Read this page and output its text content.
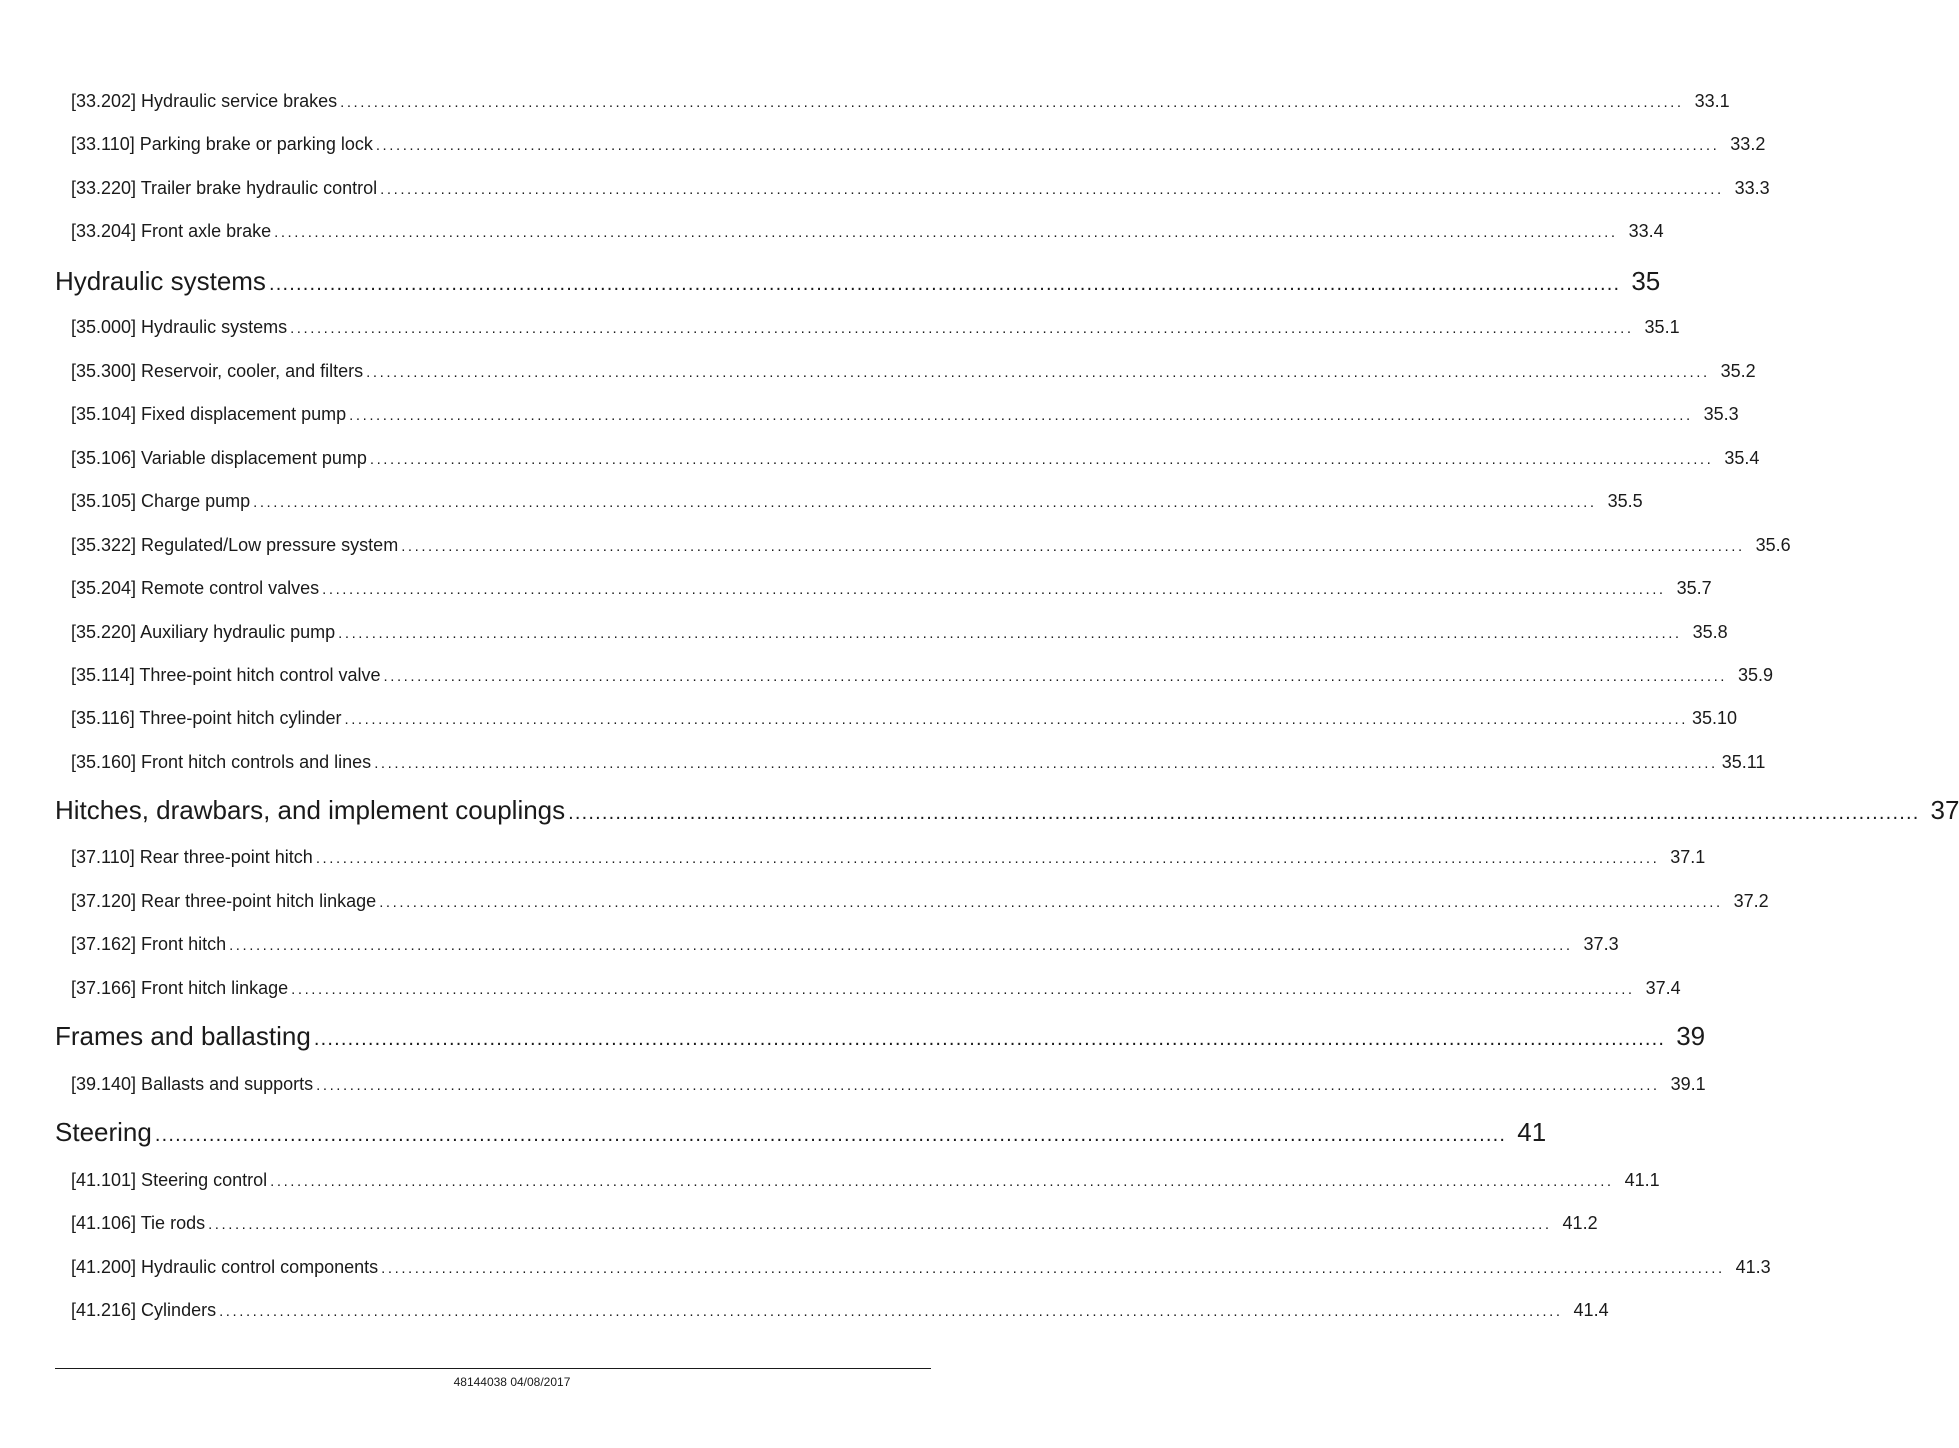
[33.202] Hydraulic service brakes ........................................................................................................................................................................................................ 33.1
[33.110] Parking brake or parking lock ........................................................................................................................................................................................................ 33.2
[33.220] Trailer brake hydraulic control ........................................................................................................................................................................................................ 33.3
[33.204] Front axle brake ........................................................................................................................................................................................................ 33.4
Hydraulic systems ........................................................................................................................................................................................................ 35
[35.000] Hydraulic systems ........................................................................................................................................................................................................ 35.1
[35.300] Reservoir, cooler, and filters ........................................................................................................................................................................................................ 35.2
[35.104] Fixed displacement pump ........................................................................................................................................................................................................ 35.3
[35.106] Variable displacement pump ........................................................................................................................................................................................................ 35.4
[35.105] Charge pump ........................................................................................................................................................................................................ 35.5
[35.322] Regulated/Low pressure system ........................................................................................................................................................................................................ 35.6
[35.204] Remote control valves ........................................................................................................................................................................................................ 35.7
[35.220] Auxiliary hydraulic pump ........................................................................................................................................................................................................ 35.8
[35.114] Three-point hitch control valve ........................................................................................................................................................................................................ 35.9
[35.116] Three-point hitch cylinder ........................................................................................................................................................................................................ 35.10
[35.160] Front hitch controls and lines ........................................................................................................................................................................................................ 35.11
Hitches, drawbars, and implement couplings ........................................................................................................................................................................................................ 37
[37.110] Rear three-point hitch ........................................................................................................................................................................................................ 37.1
[37.120] Rear three-point hitch linkage ........................................................................................................................................................................................................ 37.2
[37.162] Front hitch ........................................................................................................................................................................................................ 37.3
[37.166] Front hitch linkage ........................................................................................................................................................................................................ 37.4
Frames and ballasting ........................................................................................................................................................................................................ 39
[39.140] Ballasts and supports ........................................................................................................................................................................................................ 39.1
Steering ........................................................................................................................................................................................................ 41
[41.101] Steering control ........................................................................................................................................................................................................ 41.1
[41.106] Tie rods ........................................................................................................................................................................................................ 41.2
[41.200] Hydraulic control components ........................................................................................................................................................................................................ 41.3
[41.216] Cylinders ........................................................................................................................................................................................................ 41.4
48144038 04/08/2017
